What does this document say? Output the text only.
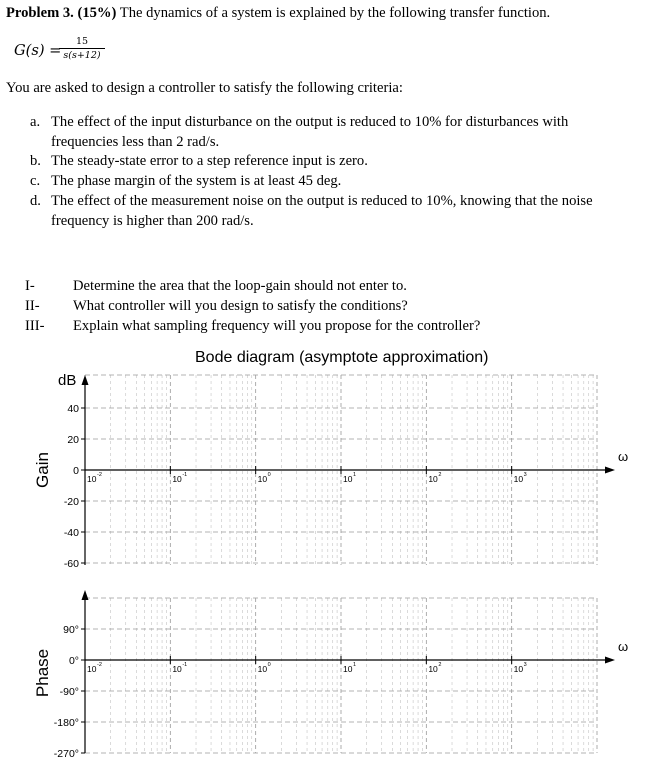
Problem 3. (15%) The dynamics of a system is explained by the following transfer function.
G(s) =
$\frac{15}{s(s+12)}$
You are asked to design a controller to satisfy the following criteria:
a. The effect of the input disturbance on the output is reduced to 10% for disturbances with
frequencies less than 2 rad/s.
b. The steady-state error to a step reference input is zero.
c. The phase margin of the system is at least 45 deg.
d. The effect of the measurement noise on the output is reduced to 10%, knowing that the noise
frequency is higher than 200 rad/s.
I-	Determine the area that the loop-gain should not enter to.
II- What controller will you design to satisfy the conditions?
III- Explain what sampling frequency will you propose for the controller?
Bode diagram (asymptote approximation)
ω
40
20
0
-20
-40
-60
10 -2	10 -1	10 0	10 1	10 2	10 3
Gain
dB
ω
90°
0°
-90°
-180°
-270°
10 -2	10 -1	10 0	10 1	10 2	10 3
Phase
